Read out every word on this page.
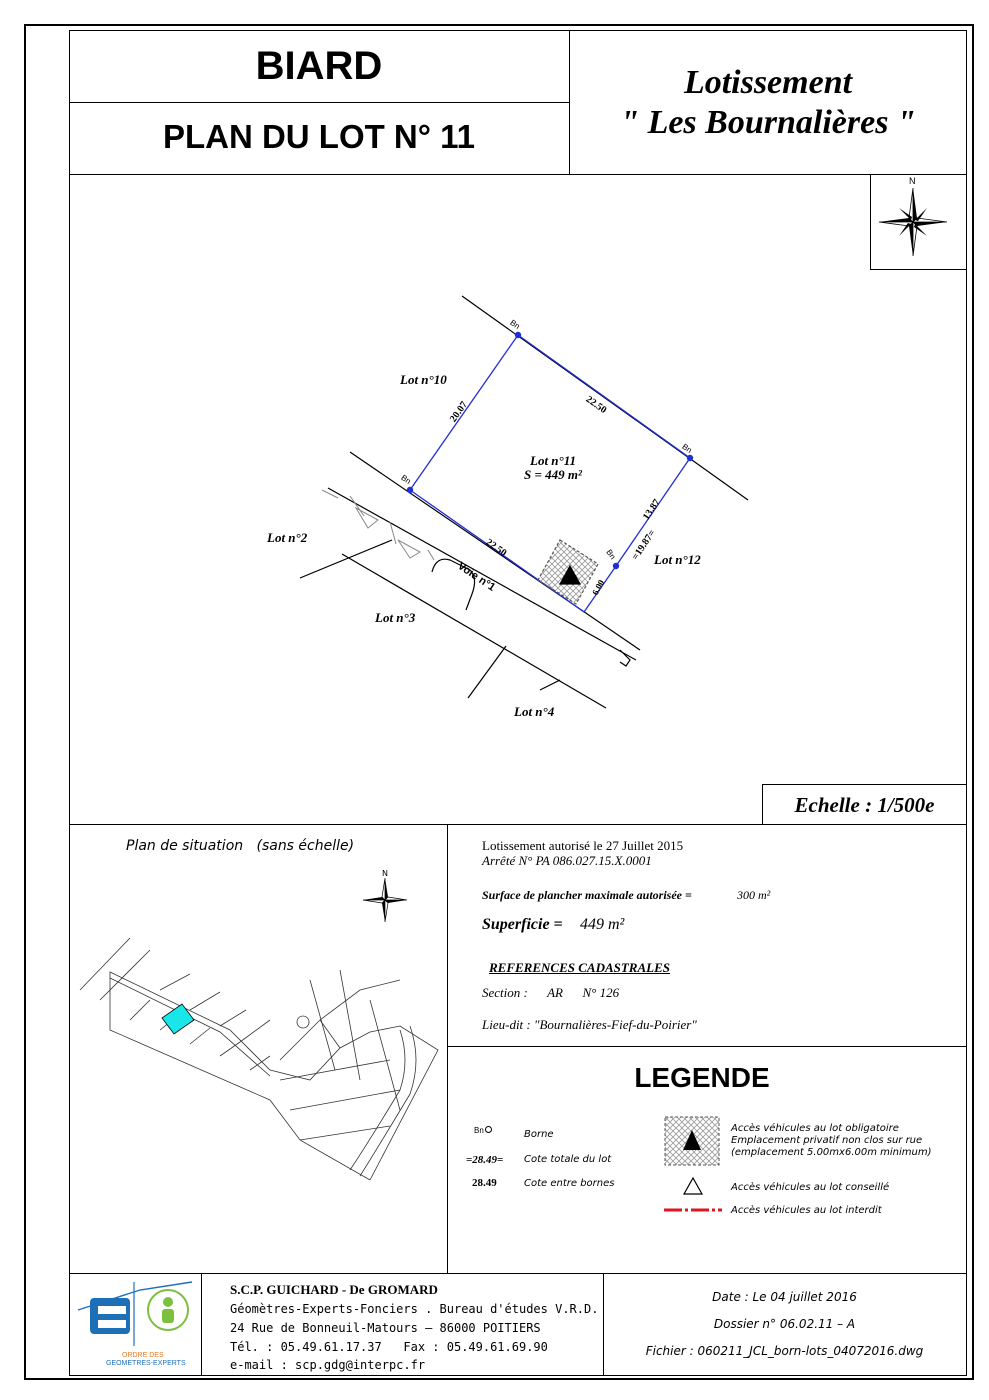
BIARD
PLAN DU LOT N° 11
Lotissement
" Les Bournalières "
N
Lot n°10
Lot n°11
S = 449 m²
Lot n°2
Lot n°12
Lot n°3
Lot n°4
Voie n°1
20.07	22.50
22.50
13.87
=19.87=
6.00
Bn
Bn
Bn
Bn
Echelle : 1/500e
Plan de situation   (sans échelle)
N
Lotissement autorisé le 27 Juillet 2015
Arrêté N° PA 086.027.15.X.0001
Surface de plancher maximale autorisée =	300 m²
Superficie = 449 m²
REFERENCES CADASTRALES
Section :      AR      N° 126
Lieu-dit : "Bournalières-Fief-du-Poirier"
LEGENDE
Bn	Borne
=28.49= Cote totale du lot
28.49	Cote entre bornes
Accès véhicules au lot obligatoire
Emplacement privatif non clos sur rue
(emplacement 5.00mx6.00m minimum)
Accès véhicules au lot conseillé
Accès véhicules au lot interdit
ORDRE DES
GEOMETRES-EXPERTS
S.C.P. GUICHARD - De GROMARD
Géomètres-Experts-Fonciers . Bureau d'études V.R.D.
24 Rue de Bonneuil-Matours — 86000 POITIERS
Tél. : 05.49.61.17.37   Fax : 05.49.61.69.90
e-mail : scp.gdg@interpc.fr
Date : Le 04 juillet 2016
Dossier n° 06.02.11 – A
Fichier : 060211_JCL_born-lots_04072016.dwg
